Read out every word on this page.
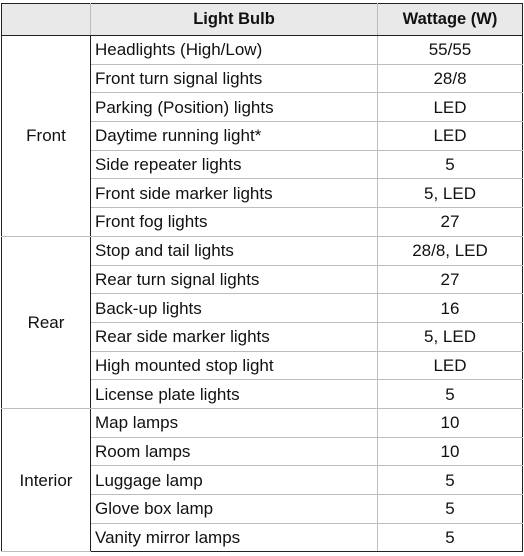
	Light Bulb	Wattage (W)
Front	Headlights (High/Low)	55/55
	Front turn signal lights	28/8
	Parking (Position) lights	LED
	Daytime running light*	LED
	Side repeater lights	5
	Front side marker lights	5, LED
	Front fog lights	27
Rear	Stop and tail lights	28/8, LED
	Rear turn signal lights	27
	Back-up lights	16
	Rear side marker lights	5, LED
	High mounted stop light	LED
	License plate lights	5
Interior	Map lamps	10
	Room lamps	10
	Luggage lamp	5
	Glove box lamp	5
	Vanity mirror lamps	5
